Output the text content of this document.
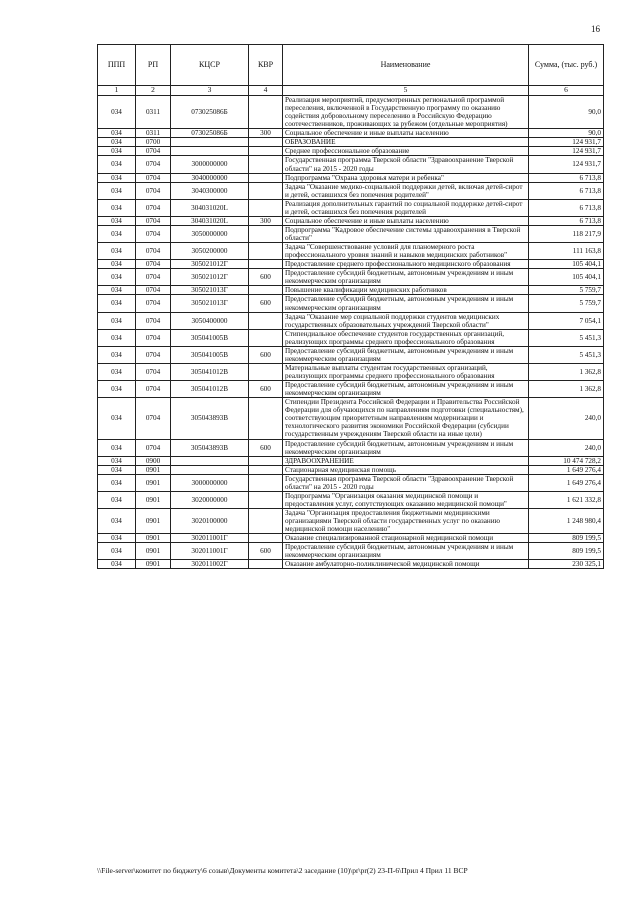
16
ППП	РП	КЦСР	КВР	Наименование	Сумма, (тыс. руб.)
1	2	3	4	5	6
034	0311	073025086Б		Реализация мероприятий, предусмотренных региональной программой переселения, включенной в Государственную программу по оказанию содействия добровольному переселению в Российскую Федерацию соотечественников, проживающих за рубежом (отдельные мероприятия)	90,0
034	0311	073025086Б	300	Социальное обеспечение и иные выплаты населению	90,0
034	0700			ОБРАЗОВАНИЕ	124 931,7
034	0704			Среднее профессиональное образование	124 931,7
034	0704	3000000000		Государственная программа Тверской области "Здравоохранение Тверской области" на 2015 - 2020 годы	124 931,7
034	0704	3040000000		Подпрограмма "Охрана здоровья матери и ребенка"	6 713,8
034	0704	3040300000		Задача "Оказание медико-социальной поддержки детей, включая детей-сирот и детей, оставшихся без попечения родителей"	6 713,8
034	0704	304031020L		Реализация дополнительных гарантий по социальной поддержке детей-сирот и детей, оставшихся без попечения родителей	6 713,8
034	0704	304031020L	300	Социальное обеспечение и иные выплаты населению	6 713,8
034	0704	3050000000		Подпрограмма "Кадровое обеспечение системы здравоохранения в Тверской области"	118 217,9
034	0704	3050200000		Задача "Совершенствование условий для планомерного роста профессионального уровня знаний и навыков медицинских работников"	111 163,8
034	0704	305021012Г		Предоставление среднего профессионального медицинского образования	105 404,1
034	0704	305021012Г	600	Предоставление субсидий бюджетным, автономным учреждениям и иным некоммерческим организациям	105 404,1
034	0704	305021013Г		Повышение квалификации медицинских работников	5 759,7
034	0704	305021013Г	600	Предоставление субсидий бюджетным, автономным учреждениям и иным некоммерческим организациям	5 759,7
034	0704	3050400000		Задача "Оказание мер социальной поддержки студентов медицинских государственных образовательных учреждений Тверской области"	7 054,1
034	0704	305041005В		Стипендиальное обеспечение студентов государственных организаций, реализующих программы среднего профессионального образования	5 451,3
034	0704	305041005В	600	Предоставление субсидий бюджетным, автономным учреждениям и иным некоммерческим организациям	5 451,3
034	0704	305041012В		Материальные выплаты студентам государственных организаций, реализующих программы среднего профессионального образования	1 362,8
034	0704	305041012В	600	Предоставление субсидий бюджетным, автономным учреждениям и иным некоммерческим организациям	1 362,8
034	0704	305043893В		Стипендии Президента Российской Федерации и Правительства Российской Федерации для обучающихся по направлениям подготовки (специальностям), соответствующим приоритетным направлениям модернизации и технологического развития экономики Российской Федерации (субсидии государственным учреждениям Тверской области на иные цели)	240,0
034	0704	305043893В	600	Предоставление субсидий бюджетным, автономным учреждениям и иным некоммерческим организациям	240,0
034	0900			ЗДРАВООХРАНЕНИЕ	10 474 728,2
034	0901			Стационарная медицинская помощь	1 649 276,4
034	0901	3000000000		Государственная программа Тверской области "Здравоохранение Тверской области" на 2015 - 2020 годы	1 649 276,4
034	0901	3020000000		Подпрограмма "Организация оказания медицинской помощи и предоставления услуг, сопутствующих оказанию медицинской помощи"	1 621 332,8
034	0901	3020100000		Задача "Организация предоставления бюджетными медицинскими организациями Тверской области государственных услуг по оказанию медицинской помощи населению"	1 248 980,4
034	0901	302011001Г		Оказание специализированной стационарной медицинской помощи	809 199,5
034	0901	302011001Г	600	Предоставление субсидий бюджетным, автономным учреждениям и иным некоммерческим организациям	809 199,5
034	0901	302011002Г		Оказание амбулаторно-поликлинической медицинской помощи	230 325,1
\\File-server\комитет по бюджету\6 созыв\Документы комитета\2 заседание (10)\pr\pr(2) 23-П-6\Прил 4 Прил 11 ВСР
